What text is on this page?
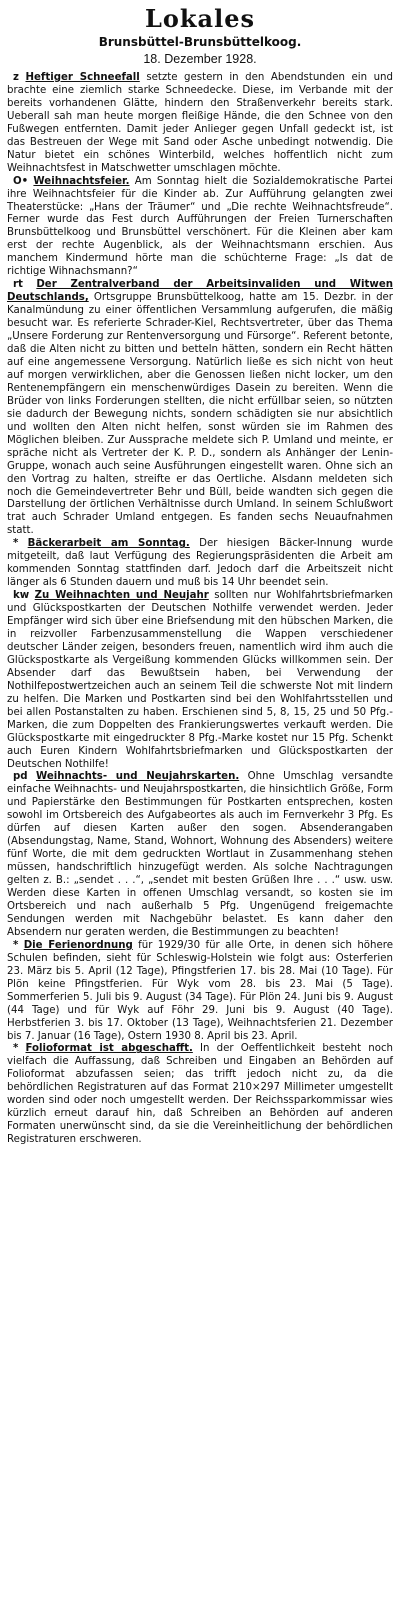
Lokales
Brunsbüttel-Brunsbüttelkoog.
18. Dezember 1928.

z Heftiger Schneefall setzte gestern in den Abendstunden ein und brachte eine ziemlich starke Schneedecke. Diese, im Verbande mit der bereits vorhandenen Glätte, hindern den Straßenverkehr bereits stark. Ueberall sah man heute morgen fleißige Hände, die den Schnee von den Fußwegen entfernten. Damit jeder Anlieger gegen Unfall gedeckt ist, ist das Bestreuen der Wege mit Sand oder Asche unbedingt notwendig. Die Natur bietet ein schönes Winterbild, welches hoffentlich nicht zum Weihnachtsfest in Matschwetter umschlagen möchte.

O• Weihnachtsfeier. Am Sonntag hielt die Sozialdemokratische Partei ihre Weihnachtsfeier für die Kinder ab. Zur Aufführung gelangten zwei Theaterstücke: „Hans der Träumer“ und „Die rechte Weihnachtsfreude“. Ferner wurde das Fest durch Aufführungen der Freien Turnerschaften Brunsbüttelkoog und Brunsbüttel verschönert. Für die Kleinen aber kam erst der rechte Augenblick, als der Weihnachtsmann erschien. Aus manchem Kindermund hörte man die schüchterne Frage: „Is dat de richtige Wihnachsmann?“

rt Der Zentralverband der Arbeitsinvaliden und Witwen Deutschlands, Ortsgruppe Brunsbüttelkoog, hatte am 15. Dezbr. in der Kanalmündung zu einer öffentlichen Versammlung aufgerufen, die mäßig besucht war. Es referierte Schrader-Kiel, Rechtsvertreter, über das Thema „Unsere Forderung zur Rentenversorgung und Fürsorge“. Referent betonte, daß die Alten nicht zu bitten und betteln hätten, sondern ein Recht hätten auf eine angemessene Versorgung. Natürlich ließe es sich nicht von heut auf morgen verwirklichen, aber die Genossen ließen nicht locker, um den Rentenempfängern ein menschenwürdiges Dasein zu bereiten. Wenn die Brüder von links Forderungen stellten, die nicht erfüllbar seien, so nützten sie dadurch der Bewegung nichts, sondern schädigten sie nur absichtlich und wollten den Alten nicht helfen, sonst würden sie im Rahmen des Möglichen bleiben. Zur Aussprache meldete sich P. Umland und meinte, er spräche nicht als Vertreter der K. P. D., sondern als Anhänger der Lenin-Gruppe, wonach auch seine Ausführungen eingestellt waren. Ohne sich an den Vortrag zu halten, streifte er das Oertliche. Alsdann meldeten sich noch die Gemeindevertreter Behr und Büll, beide wandten sich gegen die Darstellung der örtlichen Verhältnisse durch Umland. In seinem Schlußwort trat auch Schrader Umland entgegen. Es fanden sechs Neuaufnahmen statt.

* Bäckerarbeit am Sonntag. Der hiesigen Bäcker-Innung wurde mitgeteilt, daß laut Verfügung des Regierungspräsidenten die Arbeit am kommenden Sonntag stattfinden darf. Jedoch darf die Arbeitszeit nicht länger als 6 Stunden dauern und muß bis 14 Uhr beendet sein.

kw Zu Weihnachten und Neujahr sollten nur Wohlfahrtsbriefmarken und Glückspostkarten der Deutschen Nothilfe verwendet werden. Jeder Empfänger wird sich über eine Briefsendung mit den hübschen Marken, die in reizvoller Farbenzusammenstellung die Wappen verschiedener deutscher Länder zeigen, besonders freuen, namentlich wird ihm auch die Glückspostkarte als Vergeißung kommenden Glücks willkommen sein. Der Absender darf das Bewußtsein haben, bei Verwendung der Nothilfepostwertzeichen auch an seinem Teil die schwerste Not mit lindern zu helfen. Die Marken und Postkarten sind bei den Wohlfahrtsstellen und bei allen Postanstalten zu haben. Erschienen sind 5, 8, 15, 25 und 50 Pfg.-Marken, die zum Doppelten des Frankierungswertes verkauft werden. Die Glückspostkarte mit eingedruckter 8 Pfg.-Marke kostet nur 15 Pfg. Schenkt auch Euren Kindern Wohlfahrtsbriefmarken und Glückspostkarten der Deutschen Nothilfe!

pd Weihnachts- und Neujahrskarten. Ohne Umschlag versandte einfache Weihnachts- und Neujahrspostkarten, die hinsichtlich Größe, Form und Papierstärke den Bestimmungen für Postkarten entsprechen, kosten sowohl im Ortsbereich des Aufgabeortes als auch im Fernverkehr 3 Pfg. Es dürfen auf diesen Karten außer den sogen. Absenderangaben (Absendungstag, Name, Stand, Wohnort, Wohnung des Absenders) weitere fünf Worte, die mit dem gedruckten Wortlaut in Zusammenhang stehen müssen, handschriftlich hinzugefügt werden. Als solche Nachtragungen gelten z. B.: „sendet . . .“, „sendet mit besten Grüßen Ihre . . .“ usw. usw. Werden diese Karten in offenen Umschlag versandt, so kosten sie im Ortsbereich und nach außerhalb 5 Pfg. Ungenügend freigemachte Sendungen werden mit Nachgebühr belastet. Es kann daher den Absendern nur geraten werden, die Bestimmungen zu beachten!

* Die Ferienordnung für 1929/30 für alle Orte, in denen sich höhere Schulen befinden, sieht für Schleswig-Holstein wie folgt aus: Osterferien 23. März bis 5. April (12 Tage), Pfingstferien 17. bis 28. Mai (10 Tage). Für Plön keine Pfingstferien. Für Wyk vom 28. bis 23. Mai (5 Tage). Sommerferien 5. Juli bis 9. August (34 Tage). Für Plön 24. Juni bis 9. August (44 Tage) und für Wyk auf Föhr 29. Juni bis 9. August (40 Tage). Herbstferien 3. bis 17. Oktober (13 Tage), Weihnachtsferien 21. Dezember bis 7. Januar (16 Tage), Ostern 1930 8. April bis 23. April.

* Folioformat ist abgeschafft. In der Oeffentlichkeit besteht noch vielfach die Auffassung, daß Schreiben und Eingaben an Behörden auf Folioformat abzufassen seien; das trifft jedoch nicht zu, da die behördlichen Registraturen auf das Format 210×297 Millimeter umgestellt worden sind oder noch umgestellt werden. Der Reichssparkommissar wies kürzlich erneut darauf hin, daß Schreiben an Behörden auf anderen Formaten unerwünscht sind, da sie die Vereinheitlichung der behördlichen Registraturen erschweren.
